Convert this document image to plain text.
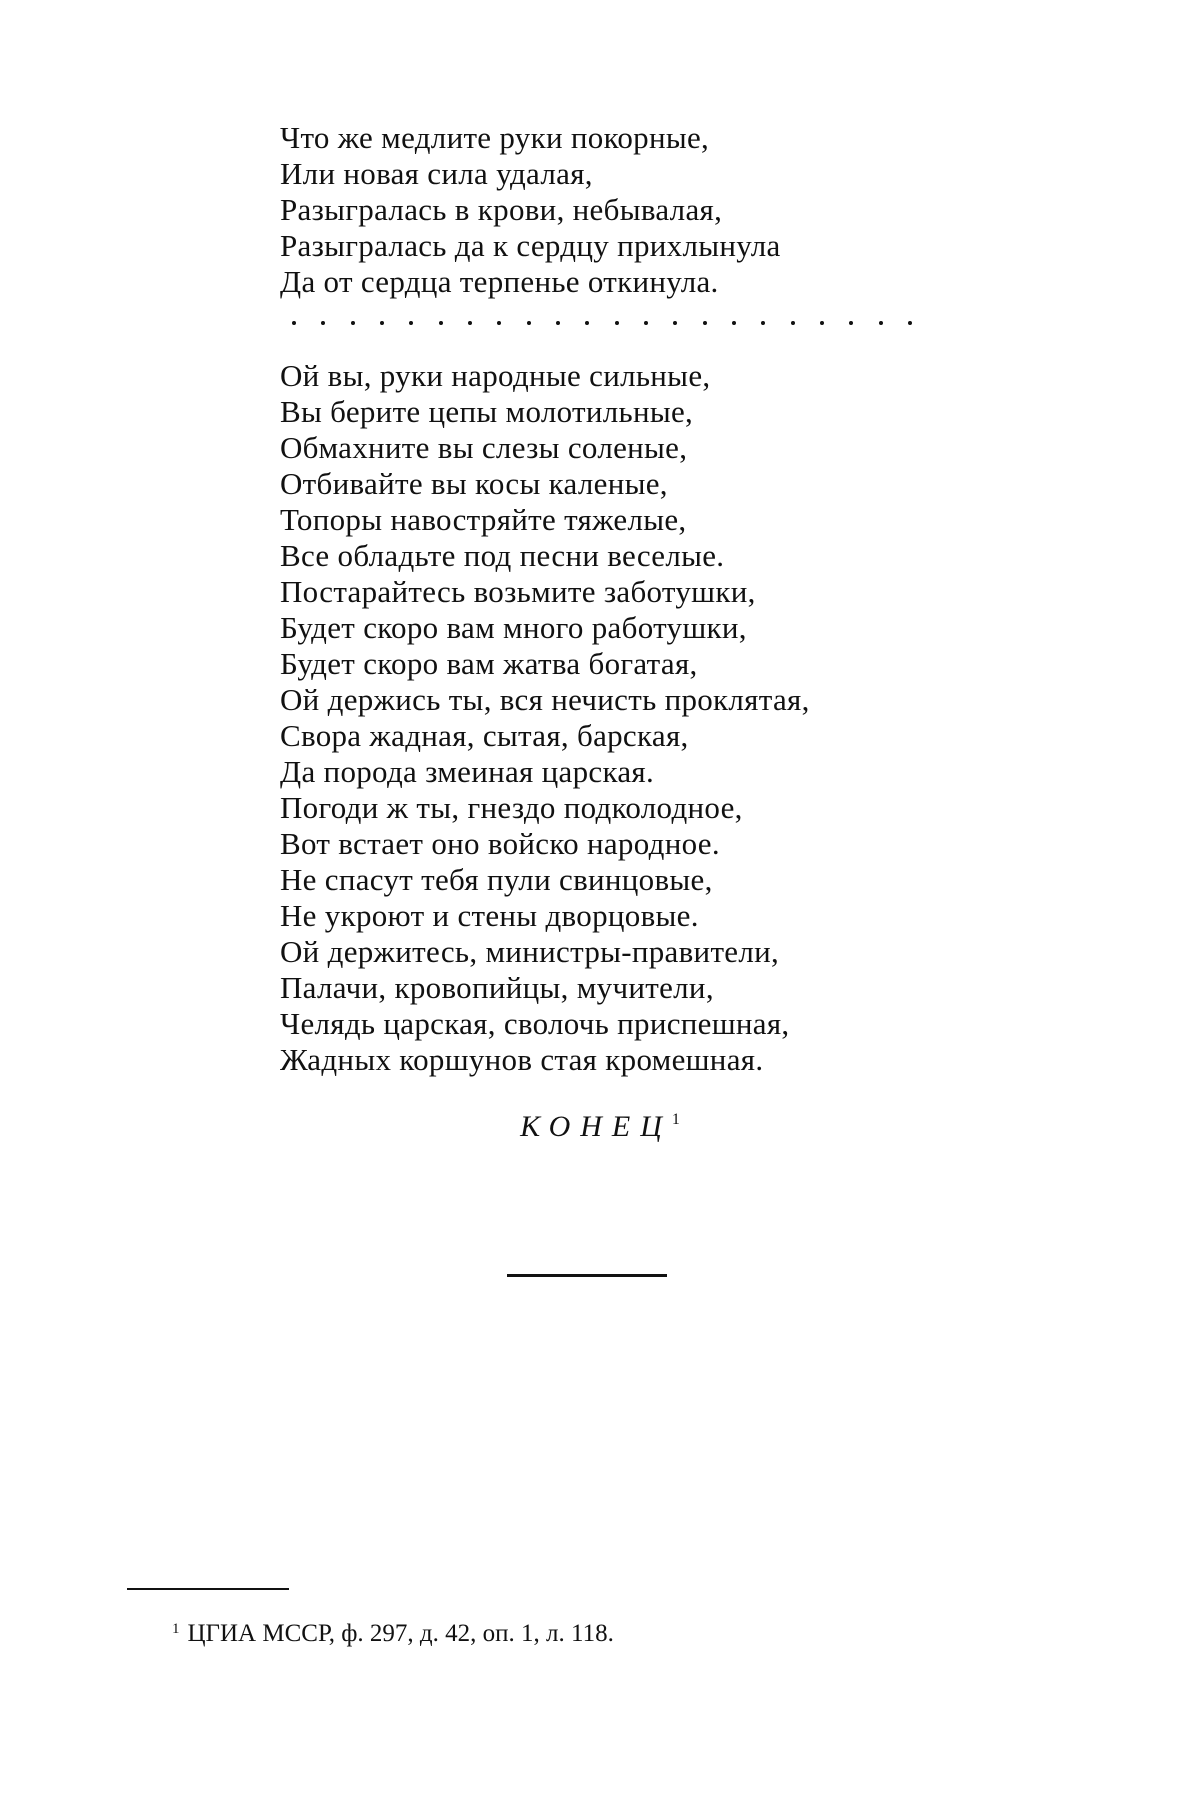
Что же медлите руки покорные,
Или новая сила удалая,
Разыгралась в крови, небывалая,
Разыгралась да к сердцу прихлынула
Да от сердца терпенье откинула.
Ой вы, руки народные сильные,
Вы берите цепы молотильные,
Обмахните вы слезы соленые,
Отбивайте вы косы каленые,
Топоры навостряйте тяжелые,
Все обладьте под песни веселые.
Постарайтесь возьмите заботушки,
Будет скоро вам много работушки,
Будет скоро вам жатва богатая,
Ой держись ты, вся нечисть проклятая,
Свора жадная, сытая, барская,
Да порода змеиная царская.
Погоди ж ты, гнездо подколодное,
Вот встает оно войско народное.
Не спасут тебя пули свинцовые,
Не укроют и стены дворцовые.
Ой держитесь, министры-правители,
Палачи, кровопийцы, мучители,
Челядь царская, сволочь приспешная,
Жадных коршунов стая кромешная.
КОНЕЦ$^1$
$^1$ ЦГИА МССР, ф. 297, д. 42, оп. 1, л. 118.
